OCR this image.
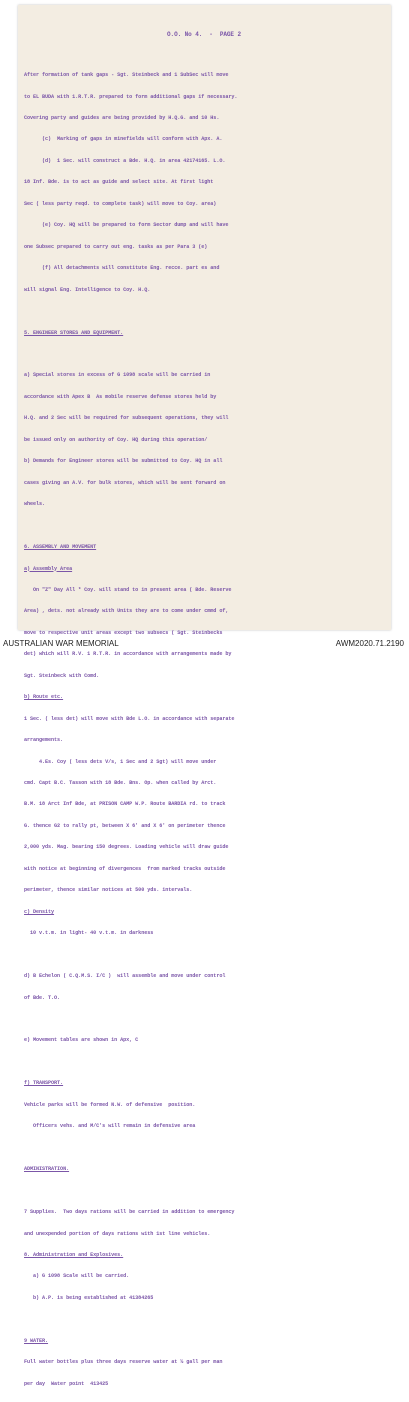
O.O. No 4.  -  PAGE 2

After formation of tank gaps - Sgt. Steinbeck and 1 SubSec will move

to EL BUDA with 1.R.T.R. prepared to form additional gaps if necessary.

Covering party and guides are being provided by H.Q.G. and 10 Hs.

(c)  Marking of gaps in minefields will conform with Apx. A.

(d)  1 Sec. will construct a Bde. H.Q. in area 42174165. L.O.

18 Inf. Bde. is to act as guide and select site. At first light

Sec ( less party reqd. to complete task) will move to Coy. area)

(e) Coy. HQ will be prepared to form Sector dump and will have

one Subsec prepared to carry out eng. tasks as per Para 3 (e)

(f) All detachments will constitute Eng. recce. part es and

will signal Eng. Intelligence to Coy. H.Q.

5. ENGINEER STORES AND EQUIPMENT.

a) Special stores in excess of G 1098 scale will be carried in

accordance with Apex B  As mobile reserve defense stores held by

H.Q. and 2 Sec will be required for subsequent operations, they will

be issued only on authority of Coy. HQ during this operation/

b) Demands for Engineer stores will be submitted to Coy. HQ in all

cases giving an A.V. for bulk stores, which will be sent forward on

wheels.

6. ASSEMBLY AND MOVEMENT

a) Assembly Area

On "Z" Day All * Coy. will stand to in present area ( Bde. Reserve

Area) , dets. not already with Units they are to come under cmmd of,

move to respective unit areas except two subsecs ( Sgt. Steinbecks

det) which will R.V. 1 R.T.R. in accordance with arrangements made by

Sgt. Steinbeck with Comd.

b) Route etc.

1 Sec. ( less det) will move with Bde L.O. in accordance with separate

arrangements.

4.Es. Coy ( less dets V/s, 1 Sec and 2 Sgt) will move under

cmd. Capt B.C. Tasson with 18 Bde. Bns. Op. when called by Arct.

B.M. 18 Arct Inf Bde, at PRISON CAMP W.P. Route BARDIA rd. to track

G. thence G2 to rally pt, between X 6' and X 6' on perimeter thence

2,000 yds. Mag. bearing 150 degrees. Loading vehicle will draw guide

with notice at beginning of divergences  from marked tracks outside

perimeter, thence similar notices at 500 yds. intervals.

c) Density

10 v.t.m. in light- 40 v.t.m. in darkness

d) B Echelon ( C.Q.M.S. I/C )  will assemble and move under control

of Bde. T.O.

e) Movement tables are shown in Apx, C

f) TRANSPORT.

Vehicle parks will be formed N.W. of defensive  position.

Officers vehs. and M/C's will remain in defensive area

ADMINISTRATION.

7 Supplies.  Two days rations will be carried in addition to emergency

and unexpended portion of days rations with 1st line vehicles.

8. Administration and Explosives.

a) G 1098 Scale will be carried.

b) A.P. is being established at 41384265

9 WATER.

Full water bottles plus three days reserve water at ½ gall per man

per day  Water point  413425

AUSTRALIAN WAR MEMORIAL	AWM2020.71.2190
